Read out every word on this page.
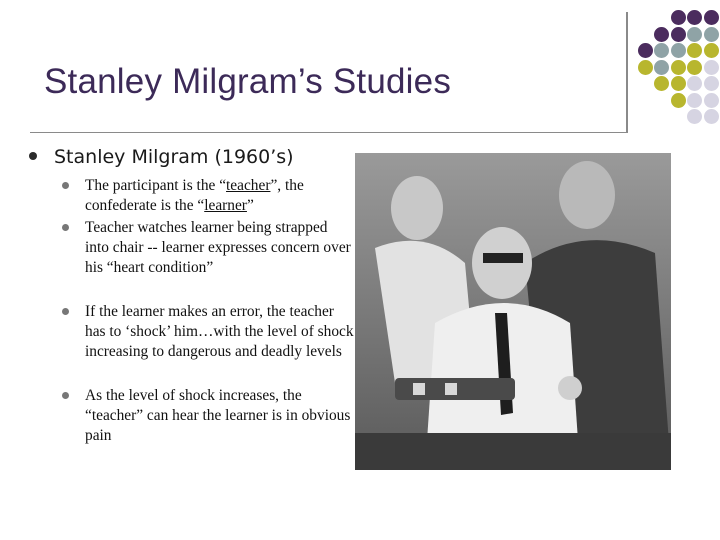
Stanley Milgram’s Studies
Stanley Milgram (1960’s)
The participant is the “teacher”, the confederate is the “learner”
Teacher watches learner being strapped into chair -- learner expresses concern over his “heart condition”
If the learner makes an error, the teacher has to ‘shock’ him…with the level of shock increasing to dangerous and deadly levels
As the level of shock increases, the “teacher” can hear the learner is in obvious pain
